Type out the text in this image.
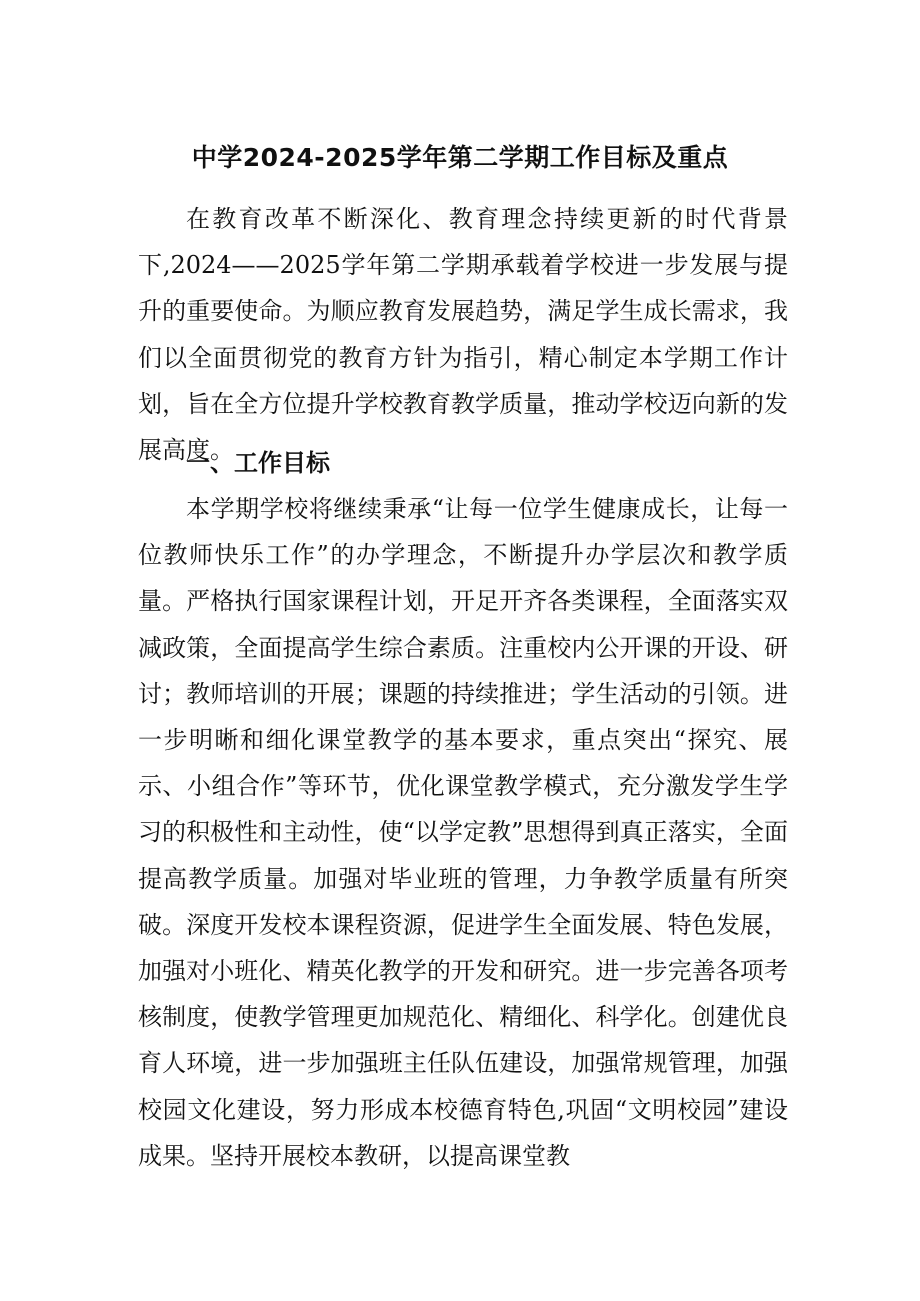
中学2024-2025学年第二学期工作目标及重点

在教育改革不断深化、教育理念持续更新的时代背景下,2024——2025学年第二学期承载着学校进一步发展与提升的重要使命。为顺应教育发展趋势，满足学生成长需求，我们以全面贯彻党的教育方针为指引，精心制定本学期工作计划，旨在全方位提升学校教育教学质量，推动学校迈向新的发展高度。

一、工作目标

本学期学校将继续秉承“让每一位学生健康成长，让每一位教师快乐工作”的办学理念，不断提升办学层次和教学质量。严格执行国家课程计划，开足开齐各类课程，全面落实双减政策，全面提高学生综合素质。注重校内公开课的开设、研讨；教师培训的开展；课题的持续推进；学生活动的引领。进一步明晰和细化课堂教学的基本要求，重点突出“探究、展示、小组合作”等环节，优化课堂教学模式，充分激发学生学习的积极性和主动性，使“以学定教”思想得到真正落实，全面提高教学质量。加强对毕业班的管理，力争教学质量有所突破。深度开发校本课程资源，促进学生全面发展、特色发展，加强对小班化、精英化教学的开发和研究。进一步完善各项考核制度，使教学管理更加规范化、精细化、科学化。创建优良育人环境，进一步加强班主任队伍建设，加强常规管理，加强校园文化建设，努力形成本校德育特色,巩固“文明校园”建设成果。坚持开展校本教研，以提高课堂教
